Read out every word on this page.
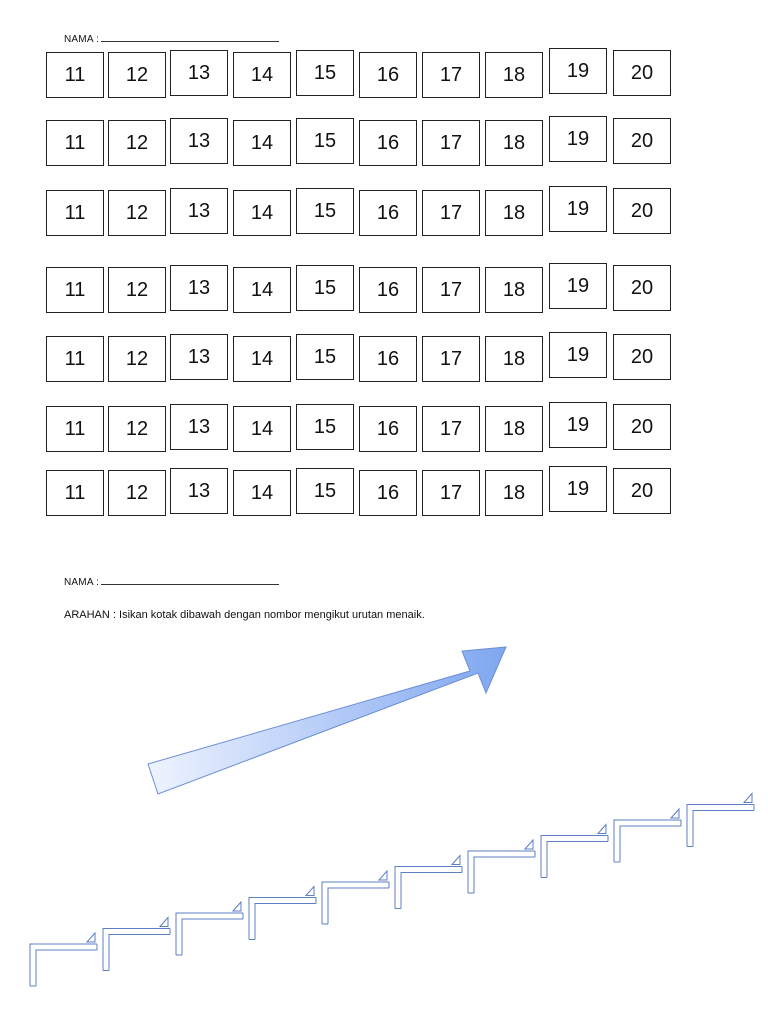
NAMA :
11	12	13	14	15	16	17	18	19	20
11	12	13	14	15	16	17	18	19	20
11	12	13	14	15	16	17	18	19	20
11	12	13	14	15	16	17	18	19	20
11	12	13	14	15	16	17	18	19	20
11	12	13	14	15	16	17	18	19	20
11	12	13	14	15	16	17	18	19	20
NAMA :
ARAHAN : Isikan kotak dibawah dengan nombor mengikut urutan menaik.
